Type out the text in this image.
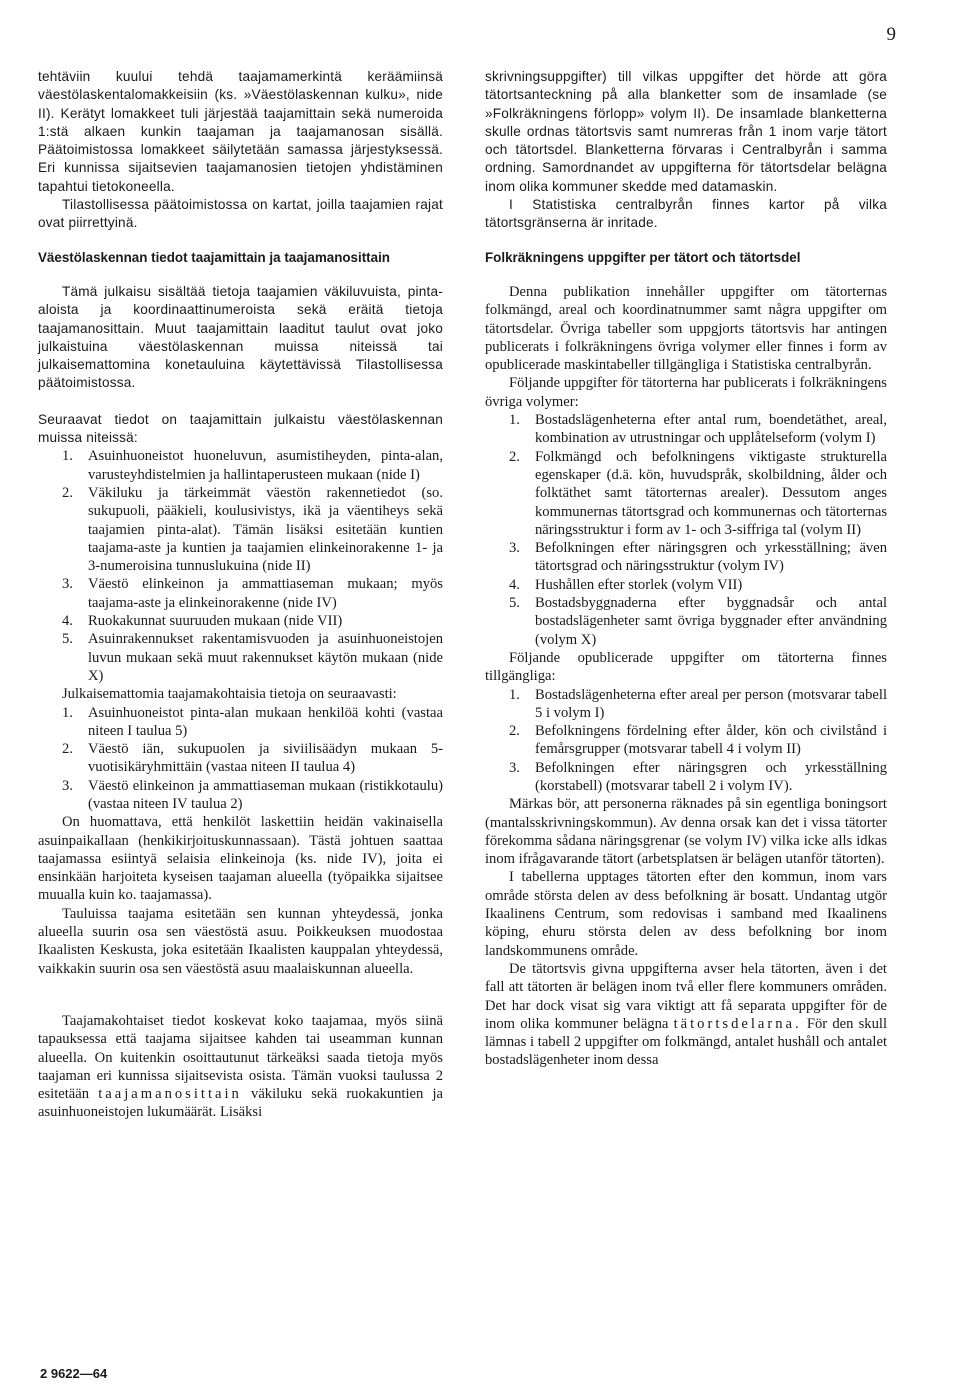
9

tehtäviin kuului tehdä taajamamerkintä keräämiinsä väestölaskentalomakkeisiin (ks. »Väestölaskennan kulku», nide II). Kerätyt lomakkeet tuli järjestää taajamittain sekä numeroida 1:stä alkaen kunkin taajaman ja taajamanosan sisällä. Päätoimistossa lomakkeet säilytetään samassa järjestyksessä. Eri kunnissa sijaitsevien taajamanosien tietojen yhdistäminen tapahtui tietokoneella.

Tilastollisessa päätoimistossa on kartat, joilla taajamien rajat ovat piirrettyinä.

Väestölaskennan tiedot taajamittain ja taajamanosittain

Tämä julkaisu sisältää tietoja taajamien väkiluvuista, pinta-aloista ja koordinaattinumeroista sekä eräitä tietoja taajamanosittain. Muut taajamittain laaditut taulut ovat joko julkaistuina väestölaskennan muissa niteissä tai julkaisemattomina konetauluina käytettävissä Tilastollisessa päätoimistossa.

Seuraavat tiedot on taajamittain julkaistu väestölaskennan muissa niteissä:

1.	Asuinhuoneistot huoneluvun, asumistiheyden, pinta-alan, varusteyhdistelmien ja hallintaperusteen mukaan (nide I)
2.	Väkiluku ja tärkeimmät väestön rakennetiedot (so. sukupuoli, pääkieli, koulusivistys, ikä ja väentiheys sekä taajamien pinta-alat). Tämän lisäksi esitetään kuntien taajama-aste ja kuntien ja taajamien elinkeinorakenne 1- ja 3-numeroisina tunnuslukuina (nide II)
3.	Väestö elinkeinon ja ammattiaseman mukaan; myös taajama-aste ja elinkeinorakenne (nide IV)
4.	Ruokakunnat suuruuden mukaan (nide VII)
5.	Asuinrakennukset rakentamisvuoden ja asuinhuoneistojen luvun mukaan sekä muut rakennukset käytön mukaan (nide X)

Julkaisemattomia taajamakohtaisia tietoja on seuraavasti:

1.	Asuinhuoneistot pinta-alan mukaan henkilöä kohti (vastaa niteen I taulua 5)
2.	Väestö iän, sukupuolen ja siviilisäädyn mukaan 5-vuotisikäryhmittäin (vastaa niteen II taulua 4)
3.	Väestö elinkeinon ja ammattiaseman mukaan (ristikkotaulu) (vastaa niteen IV taulua 2)

On huomattava, että henkilöt laskettiin heidän vakinaisella asuinpaikallaan (henkikirjoituskunnassaan). Tästä johtuen saattaa taajamassa esiintyä selaisia elinkeinoja (ks. nide IV), joita ei ensinkään harjoiteta kyseisen taajaman alueella (työpaikka sijaitsee muualla kuin ko. taajamassa).

Tauluissa taajama esitetään sen kunnan yhteydessä, jonka alueella suurin osa sen väestöstä asuu. Poikkeuksen muodostaa Ikaalisten Keskusta, joka esitetään Ikaalisten kauppalan yhteydessä, vaikkakin suurin osa sen väestöstä asuu maalaiskunnan alueella.

Taajamakohtaiset tiedot koskevat koko taajamaa, myös siinä tapauksessa että taajama sijaitsee kahden tai useamman kunnan alueella. On kuitenkin osoittautunut tärkeäksi saada tietoja myös taajaman eri kunnissa sijaitsevista osista. Tämän vuoksi taulussa 2 esitetään taajamanosittain väkiluku sekä ruokakuntien ja asuinhuoneistojen lukumäärät. Lisäksi

skrivningsuppgifter) till vilkas uppgifter det hörde att göra tätortsanteckning på alla blanketter som de insamlade (se »Folkräkningens förlopp» volym II). De insamlade blanketterna skulle ordnas tätortsvis samt numreras från 1 inom varje tätort och tätortsdel. Blanketterna förvaras i Centralbyrån i samma ordning. Samordnandet av uppgifterna för tätortsdelar belägna inom olika kommuner skedde med datamaskin.

I Statistiska centralbyrån finnes kartor på vilka tätortsgränserna är inritade.

Folkräkningens uppgifter per tätort och tätortsdel

Denna publikation innehåller uppgifter om tätorternas folkmängd, areal och koordinatnummer samt några uppgifter om tätortsdelar. Övriga tabeller som uppgjorts tätortsvis har antingen publicerats i folkräkningens övriga volymer eller finnes i form av opublicerade maskintabeller tillgängliga i Statistiska centralbyrån.

Följande uppgifter för tätorterna har publicerats i folkräkningens övriga volymer:

1.	Bostadslägenheterna efter antal rum, boendetäthet, areal, kombination av utrustningar och upplåtelseform (volym I)
2.	Folkmängd och befolkningens viktigaste strukturella egenskaper (d.ä. kön, huvudspråk, skolbildning, ålder och folktäthet samt tätorternas arealer). Dessutom anges kommunernas tätortsgrad och kommunernas och tätorternas näringsstruktur i form av 1- och 3-siffriga tal (volym II)
3.	Befolkningen efter näringsgren och yrkesställning; även tätortsgrad och näringsstruktur (volym IV)
4.	Hushållen efter storlek (volym VII)
5.	Bostadsbyggnaderna efter byggnadsår och antal bostadslägenheter samt övriga byggnader efter användning (volym X)

Följande opublicerade uppgifter om tätorterna finnes tillgängliga:

1.	Bostadslägenheterna efter areal per person (motsvarar tabell 5 i volym I)
2.	Befolkningens fördelning efter ålder, kön och civilstånd i femårsgrupper (motsvarar tabell 4 i volym II)
3.	Befolkningen efter näringsgren och yrkesställning (korstabell) (motsvarar tabell 2 i volym IV).

Märkas bör, att personerna räknades på sin egentliga boningsort (mantalsskrivningskommun). Av denna orsak kan det i vissa tätorter förekomma sådana näringsgrenar (se volym IV) vilka icke alls idkas inom ifrågavarande tätort (arbetsplatsen är belägen utanför tätorten).

I tabellerna upptages tätorten efter den kommun, inom vars område största delen av dess befolkning är bosatt. Undantag utgör Ikaalinens Centrum, som redovisas i samband med Ikaalinens köping, ehuru största delen av dess befolkning bor inom landskommunens område.

De tätortsvis givna uppgifterna avser hela tätorten, även i det fall att tätorten är belägen inom två eller flere kommuners områden. Det har dock visat sig vara viktigt att få separata uppgifter för de inom olika kommuner belägna tätortsdelarna. För den skull lämnas i tabell 2 uppgifter om folkmängd, antalet hushåll och antalet bostadslägenheter inom dessa

2 9622—64
